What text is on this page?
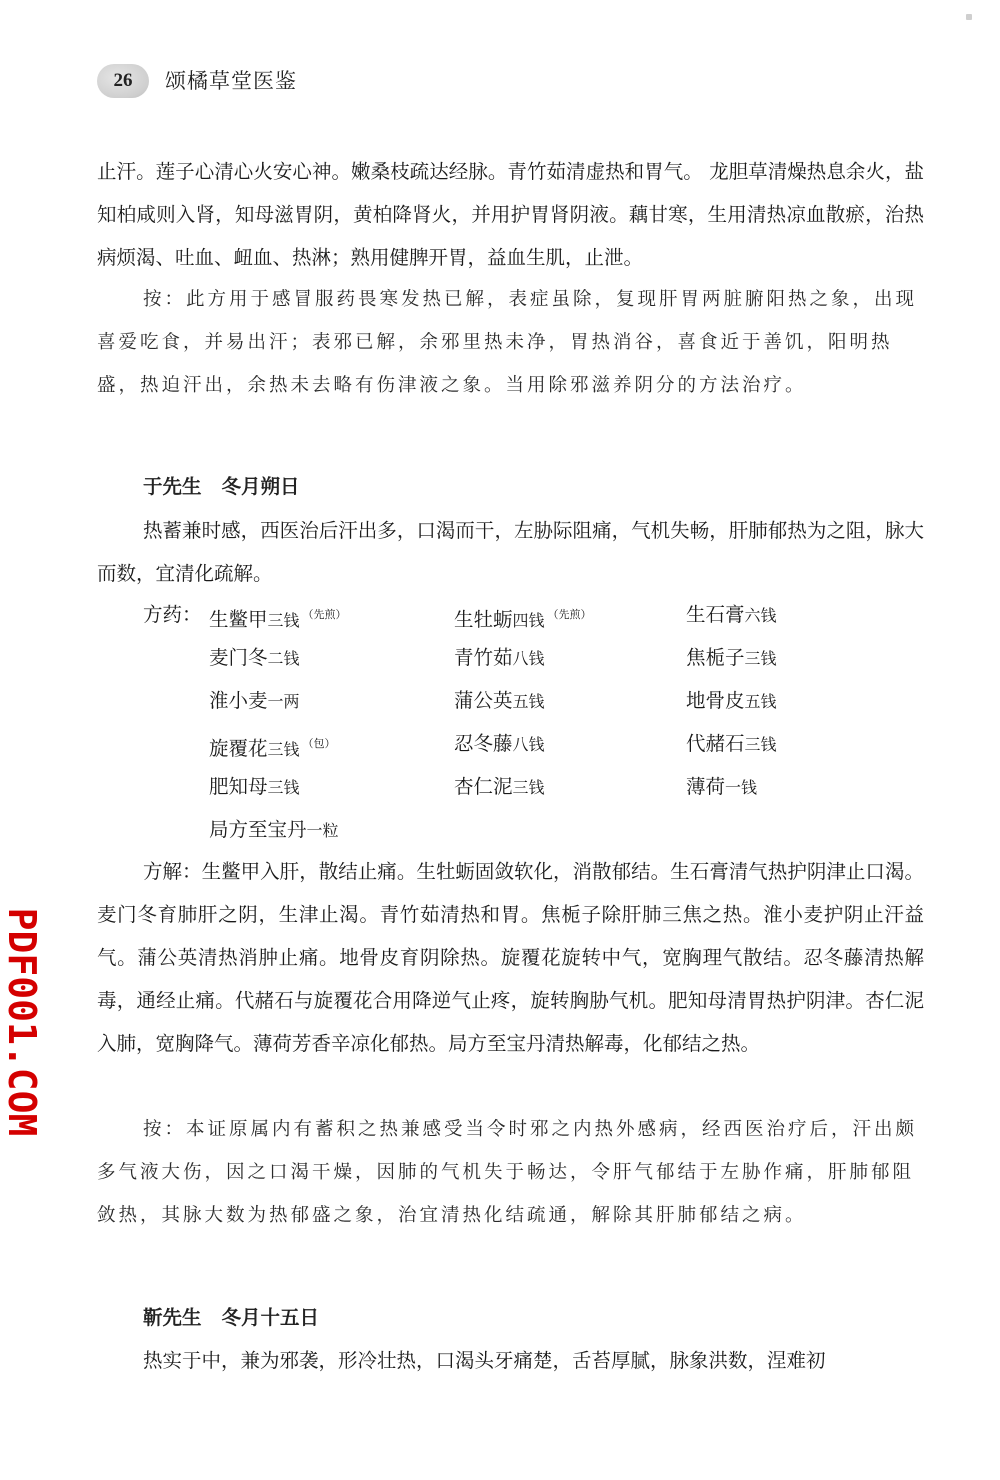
26	颂橘草堂医鉴

止汗。莲子心清心火安心神。嫩桑枝疏达经脉。青竹茹清虚热和胃气。 龙胆草清燥热息余火，盐知柏咸则入肾，知母滋胃阴，黄柏降肾火，并用护胃肾阴液。藕甘寒，生用清热凉血散瘀，治热病烦渴、吐血、衄血、热淋；熟用健脾开胃，益血生肌，止泄。

按：此方用于感冒服药畏寒发热已解，表症虽除，复现肝胃两脏腑阳热之象，出现喜爱吃食，并易出汗；表邪已解，余邪里热未净，胃热消谷，喜食近于善饥，阳明热盛，热迫汗出，余热未去略有伤津液之象。当用除邪滋养阴分的方法治疗。

于先生 冬月朔日

热蓄兼时感，西医治后汗出多，口渴而干，左胁际阻痛，气机失畅，肝肺郁热为之阻，脉大而数，宜清化疏解。

方药： 生鳖甲三钱 $^{(先煎)}$	生牡蛎四钱 $^{(先煎)}$	生石膏六钱
麦门冬二钱	青竹茹八钱	焦栀子三钱
淮小麦一两	蒲公英五钱	地骨皮五钱
旋覆花三钱 $^{(包)}$	忍冬藤八钱	代赭石三钱
肥知母三钱	杏仁泥三钱	薄荷一钱
局方至宝丹一粒

方解：生鳖甲入肝，散结止痛。生牡蛎固敛软化，消散郁结。生石膏清气热护阴津止口渴。麦门冬育肺肝之阴，生津止渴。青竹茹清热和胃。焦栀子除肝肺三焦之热。淮小麦护阴止汗益气。蒲公英清热消肿止痛。地骨皮育阴除热。旋覆花旋转中气，宽胸理气散结。忍冬藤清热解毒，通经止痛。代赭石与旋覆花合用降逆气止疼，旋转胸胁气机。肥知母清胃热护阴津。杏仁泥入肺，宽胸降气。薄荷芳香辛凉化郁热。局方至宝丹清热解毒，化郁结之热。

按：本证原属内有蓄积之热兼感受当令时邪之内热外感病，经西医治疗后，汗出颇多气液大伤，因之口渴干燥，因肺的气机失于畅达，令肝气郁结于左胁作痛，肝肺郁阻敛热，其脉大数为热郁盛之象，治宜清热化结疏通，解除其肝肺郁结之病。

靳先生 冬月十五日

热实于中，兼为邪袭，形冷壮热，口渴头牙痛楚，舌苔厚腻，脉象洪数，涅难初

PDF001.COM
